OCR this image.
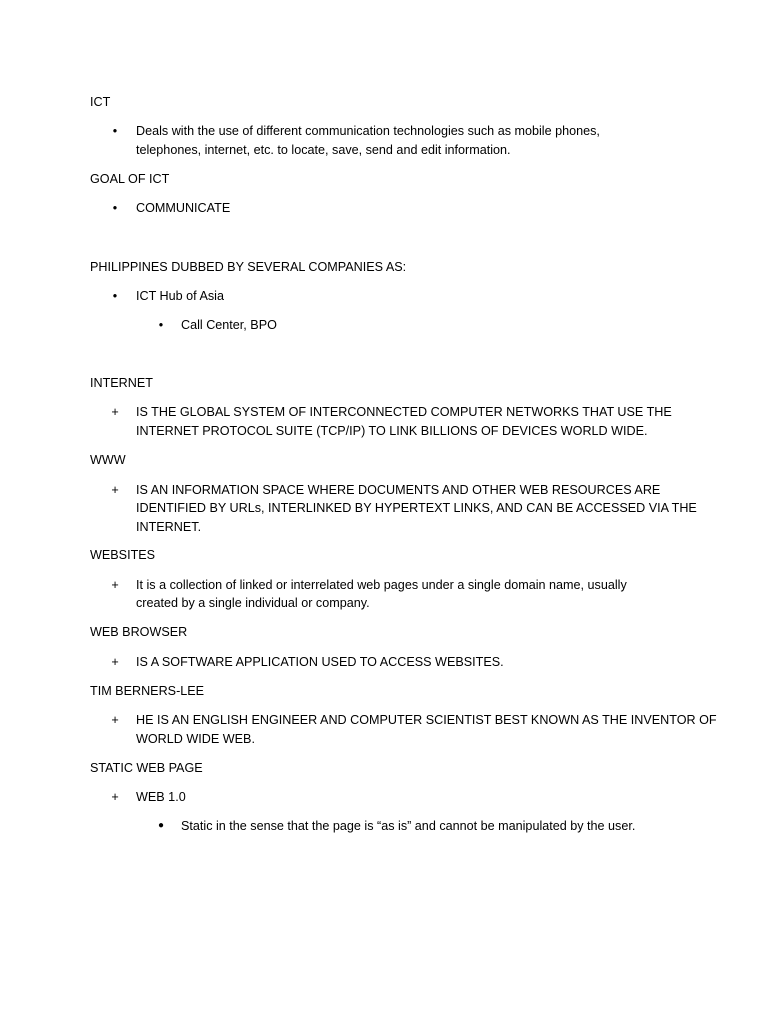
ICT
•	Deals with the use of different communication technologies such as mobile phones,
telephones, internet, etc. to locate, save, send and edit information.
GOAL OF ICT
•	COMMUNICATE
PHILIPPINES DUBBED BY SEVERAL COMPANIES AS:
•	ICT Hub of Asia
•	Call Center, BPO
INTERNET
+ IS THE GLOBAL SYSTEM OF INTERCONNECTED COMPUTER NETWORKS THAT USE THE
INTERNET PROTOCOL SUITE (TCP/IP) TO LINK BILLIONS OF DEVICES WORLD WIDE.
WWW
+ IS AN INFORMATION SPACE WHERE DOCUMENTS AND OTHER WEB RESOURCES ARE
IDENTIFIED BY URLs, INTERLINKED BY HYPERTEXT LINKS, AND CAN BE ACCESSED VIA THE
INTERNET.
WEBSITES
+ It is a collection of linked or interrelated web pages under a single domain name, usually
created by a single individual or company.
WEB BROWSER
+ IS A SOFTWARE APPLICATION USED TO ACCESS WEBSITES.
TIM BERNERS-LEE
+ HE IS AN ENGLISH ENGINEER AND COMPUTER SCIENTIST BEST KNOWN AS THE INVENTOR OF
WORLD WIDE WEB.
STATIC WEB PAGE
+ WEB 1.0
●	Static in the sense that the page is “as is” and cannot be manipulated by the user.
